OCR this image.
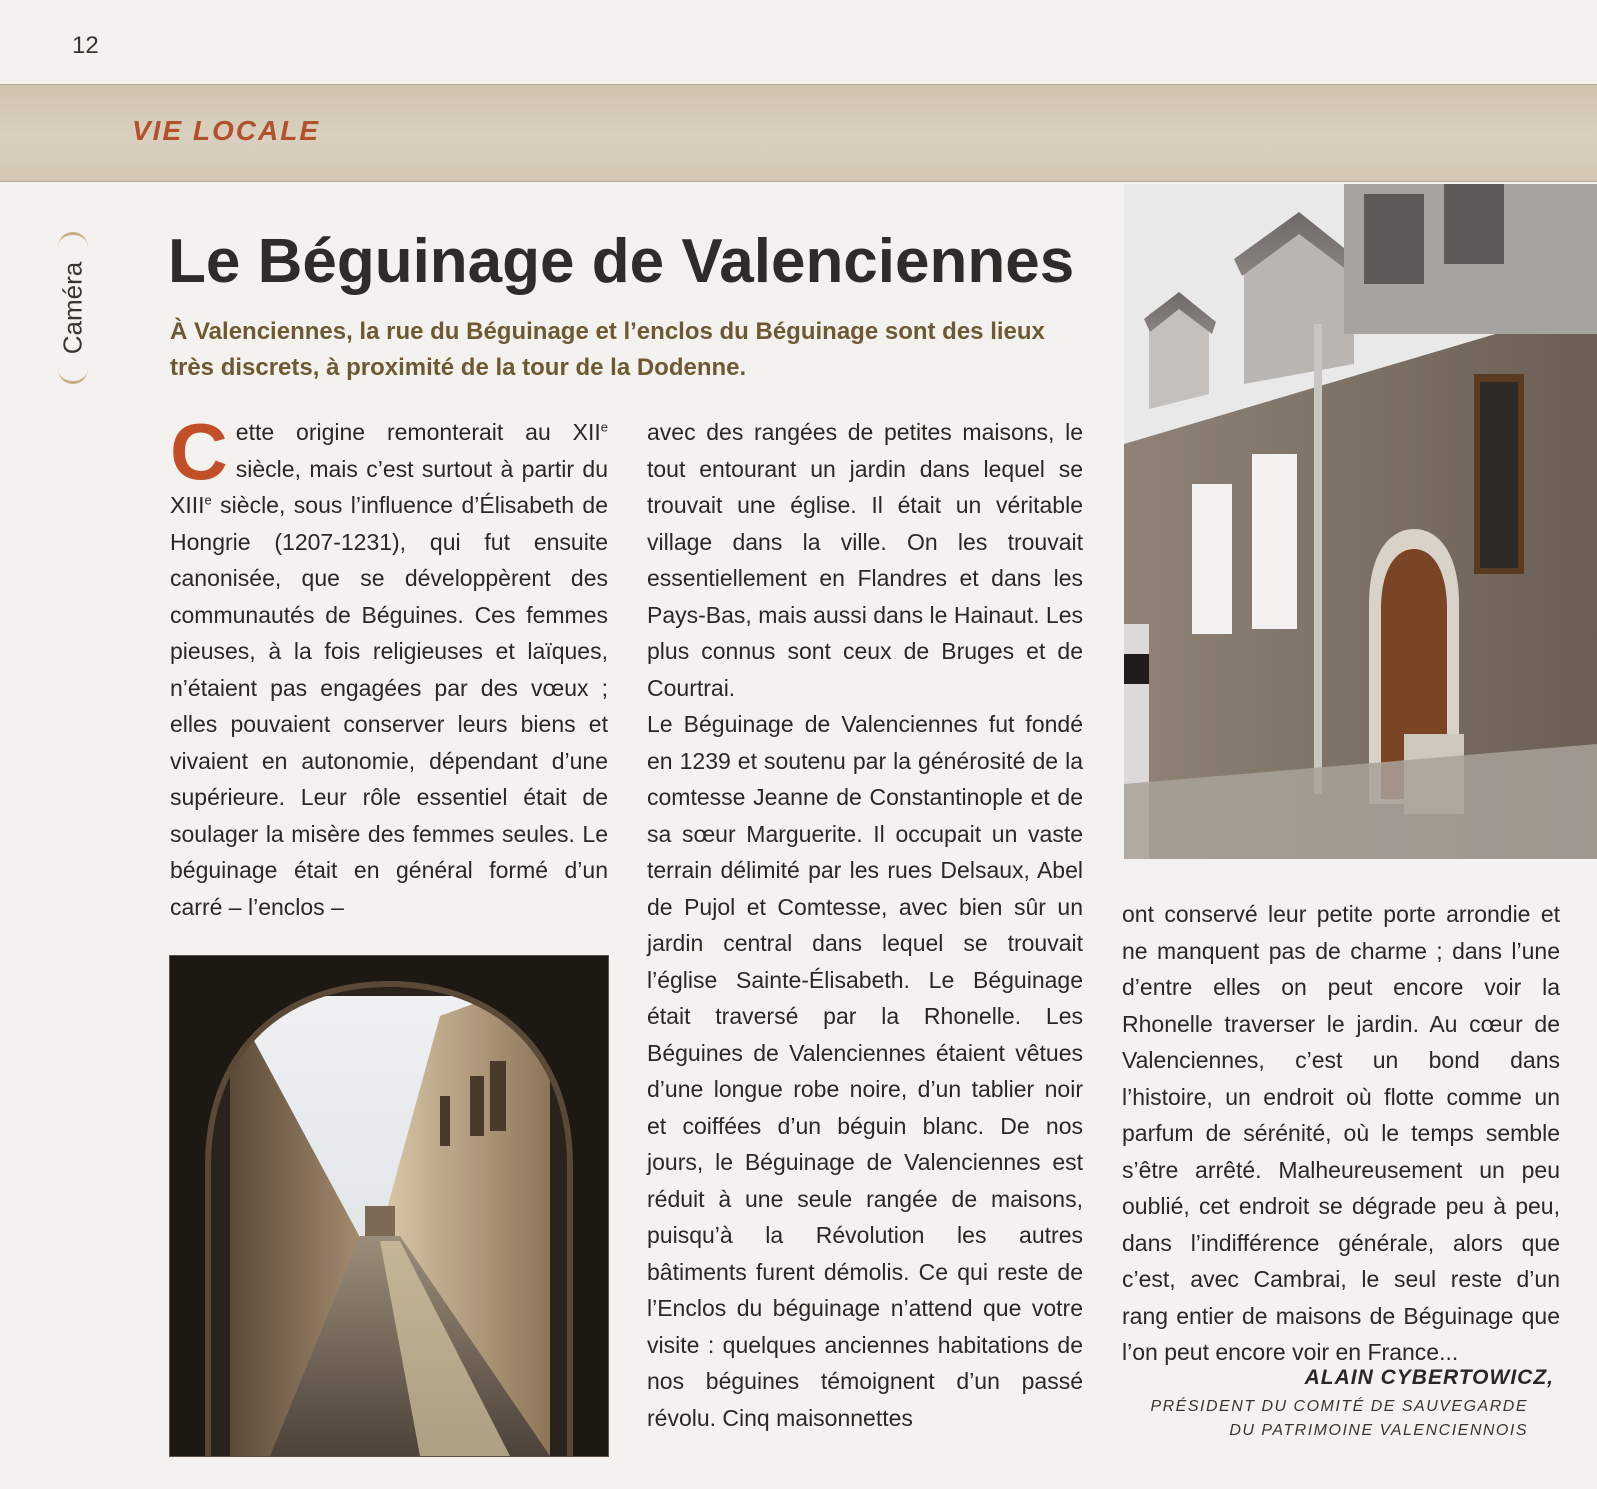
12
VIE LOCALE
Caméra
Le Béguinage de Valenciennes
À Valenciennes, la rue du Béguinage et l’enclos du Béguinage sont des lieux très discrets, à proximité de la tour de la Dodenne.

Cette origine remonterait au XIIe siècle, mais c’est surtout à partir du XIIIe siècle, sous l’influence d’Élisabeth de Hongrie (1207-1231), qui fut ensuite canonisée, que se développèrent des communautés de Béguines. Ces femmes pieuses, à la fois religieuses et laïques, n’étaient pas engagées par des vœux ; elles pouvaient conserver leurs biens et vivaient en autonomie, dépendant d’une supérieure. Leur rôle essentiel était de soulager la misère des femmes seules. Le béguinage était en général formé d’un carré – l’enclos –

avec des rangées de petites maisons, le tout entourant un jardin dans lequel se trouvait une église. Il était un véritable village dans la ville. On les trouvait essentiellement en Flandres et dans les Pays-Bas, mais aussi dans le Hainaut. Les plus connus sont ceux de Bruges et de Courtrai.

Le Béguinage de Valenciennes fut fondé en 1239 et soutenu par la générosité de la comtesse Jeanne de Constantinople et de sa sœur Marguerite. Il occupait un vaste terrain délimité par les rues Delsaux, Abel de Pujol et Comtesse, avec bien sûr un jardin central dans lequel se trouvait l’église Sainte-Élisabeth. Le Béguinage était traversé par la Rhonelle. Les Béguines de Valenciennes étaient vêtues d’une longue robe noire, d’un tablier noir et coiffées d’un béguin blanc. De nos jours, le Béguinage de Valenciennes est réduit à une seule rangée de maisons, puisqu’à la Révolution les autres bâtiments furent démolis. Ce qui reste de l’Enclos du béguinage n’attend que votre visite : quelques anciennes habitations de nos béguines témoignent d’un passé révolu. Cinq maisonnettes

ont conservé leur petite porte arrondie et ne manquent pas de charme ; dans l’une d’entre elles on peut encore voir la Rhonelle traverser le jardin. Au cœur de Valenciennes, c’est un bond dans l’histoire, un endroit où flotte comme un parfum de sérénité, où le temps semble s’être arrêté. Malheureusement un peu oublié, cet endroit se dégrade peu à peu, dans l’indifférence générale, alors que c’est, avec Cambrai, le seul reste d’un rang entier de maisons de Béguinage que l’on peut encore voir en France...

ALAIN CYBERTOWICZ,
PRÉSIDENT DU COMITÉ DE SAUVEGARDE
DU PATRIMOINE VALENCIENNOIS
